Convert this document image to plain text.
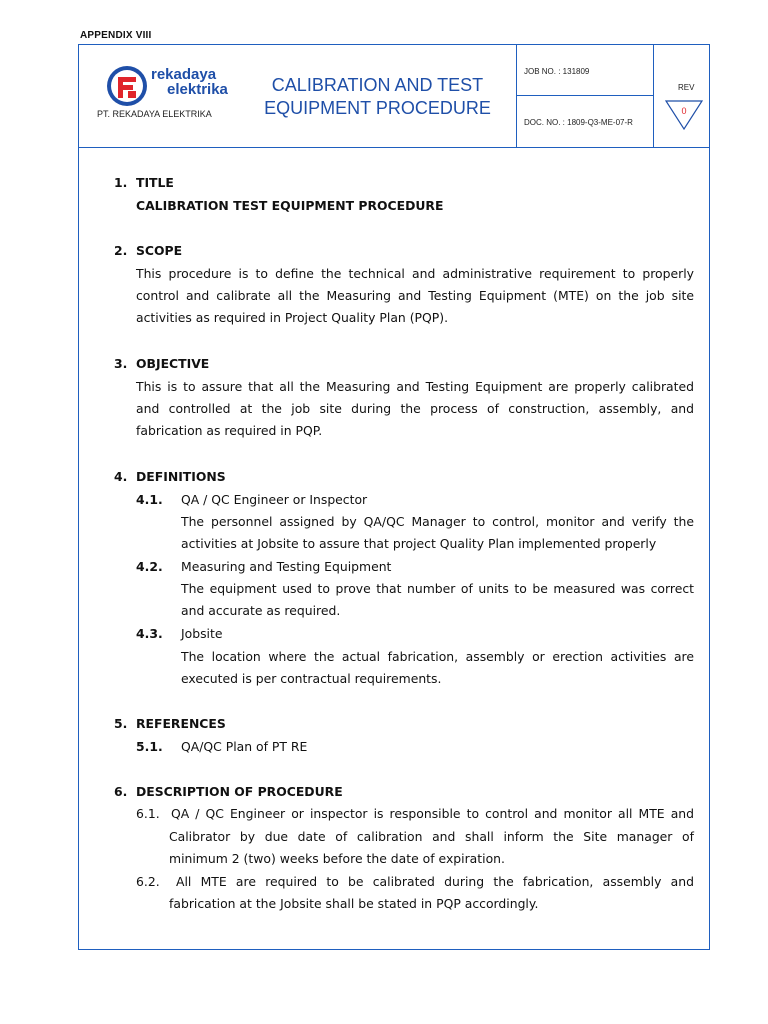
APPENDIX VIII
rekadaya
elektrika
PT. REKADAYA ELEKTRIKA
CALIBRATION AND TEST
EQUIPMENT PROCEDURE
JOB NO. : 131809
DOC. NO. : 1809-Q3-ME-07-R
REV
0
1. TITLE
CALIBRATION TEST EQUIPMENT PROCEDURE
2. SCOPE
This procedure is to define the technical and administrative requirement to properly
control and calibrate all the Measuring and Testing Equipment (MTE) on the job site
activities as required in Project Quality Plan (PQP).
3. OBJECTIVE
This is to assure that all the Measuring and Testing Equipment are properly calibrated
and controlled at the job site during the process of construction, assembly, and
fabrication as required in PQP.
4. DEFINITIONS
4.1. QA / QC Engineer or Inspector
The personnel assigned by QA/QC Manager to control, monitor and verify the
activities at Jobsite to assure that project Quality Plan implemented properly
4.2. Measuring and Testing Equipment
The equipment used to prove that number of units to be measured was correct
and accurate as required.
4.3. Jobsite
The location where the actual fabrication, assembly or erection activities are
executed is per contractual requirements.
5. REFERENCES
5.1. QA/QC Plan of PT RE
6. DESCRIPTION OF PROCEDURE
6.1. QA / QC Engineer or inspector is responsible to control and monitor all MTE and
Calibrator by due date of calibration and shall inform the Site manager of
minimum 2 (two) weeks before the date of expiration.
6.2. All MTE are required to be calibrated during the fabrication, assembly and
fabrication at the Jobsite shall be stated in PQP accordingly.
